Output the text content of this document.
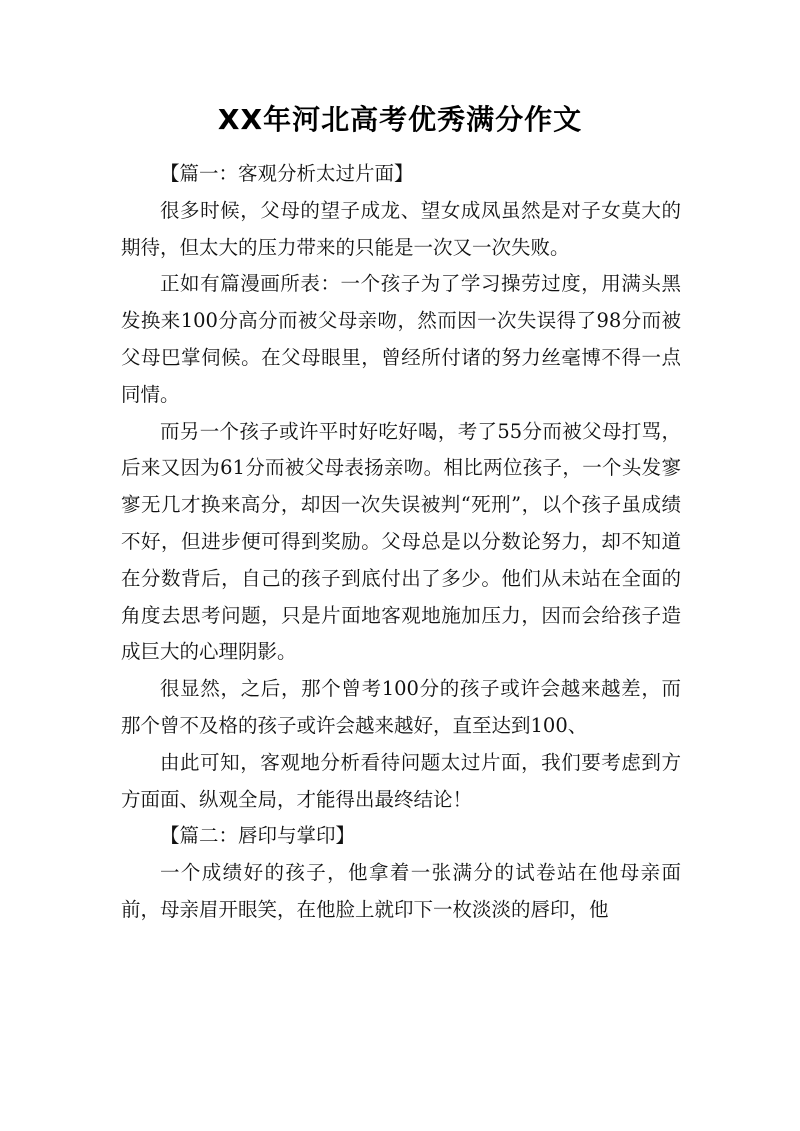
XX年河北高考优秀满分作文

【篇一：客观分析太过片面】

很多时候，父母的望子成龙、望女成凤虽然是对子女莫大的期待，但太大的压力带来的只能是一次又一次失败。

正如有篇漫画所表：一个孩子为了学习操劳过度，用满头黑发换来100分高分而被父母亲吻，然而因一次失误得了98分而被父母巴掌伺候。在父母眼里，曾经所付诸的努力丝毫博不得一点同情。

而另一个孩子或许平时好吃好喝，考了55分而被父母打骂，后来又因为61分而被父母表扬亲吻。相比两位孩子，一个头发寥寥无几才换来高分，却因一次失误被判“死刑”，以个孩子虽成绩不好，但进步便可得到奖励。父母总是以分数论努力，却不知道在分数背后，自己的孩子到底付出了多少。他们从未站在全面的角度去思考问题，只是片面地客观地施加压力，因而会给孩子造成巨大的心理阴影。

很显然，之后，那个曾考100分的孩子或许会越来越差，而那个曾不及格的孩子或许会越来越好，直至达到100、

由此可知，客观地分析看待问题太过片面，我们要考虑到方方面面、纵观全局，才能得出最终结论！

【篇二：唇印与掌印】

一个成绩好的孩子，他拿着一张满分的试卷站在他母亲面前，母亲眉开眼笑，在他脸上就印下一枚淡淡的唇印，他
